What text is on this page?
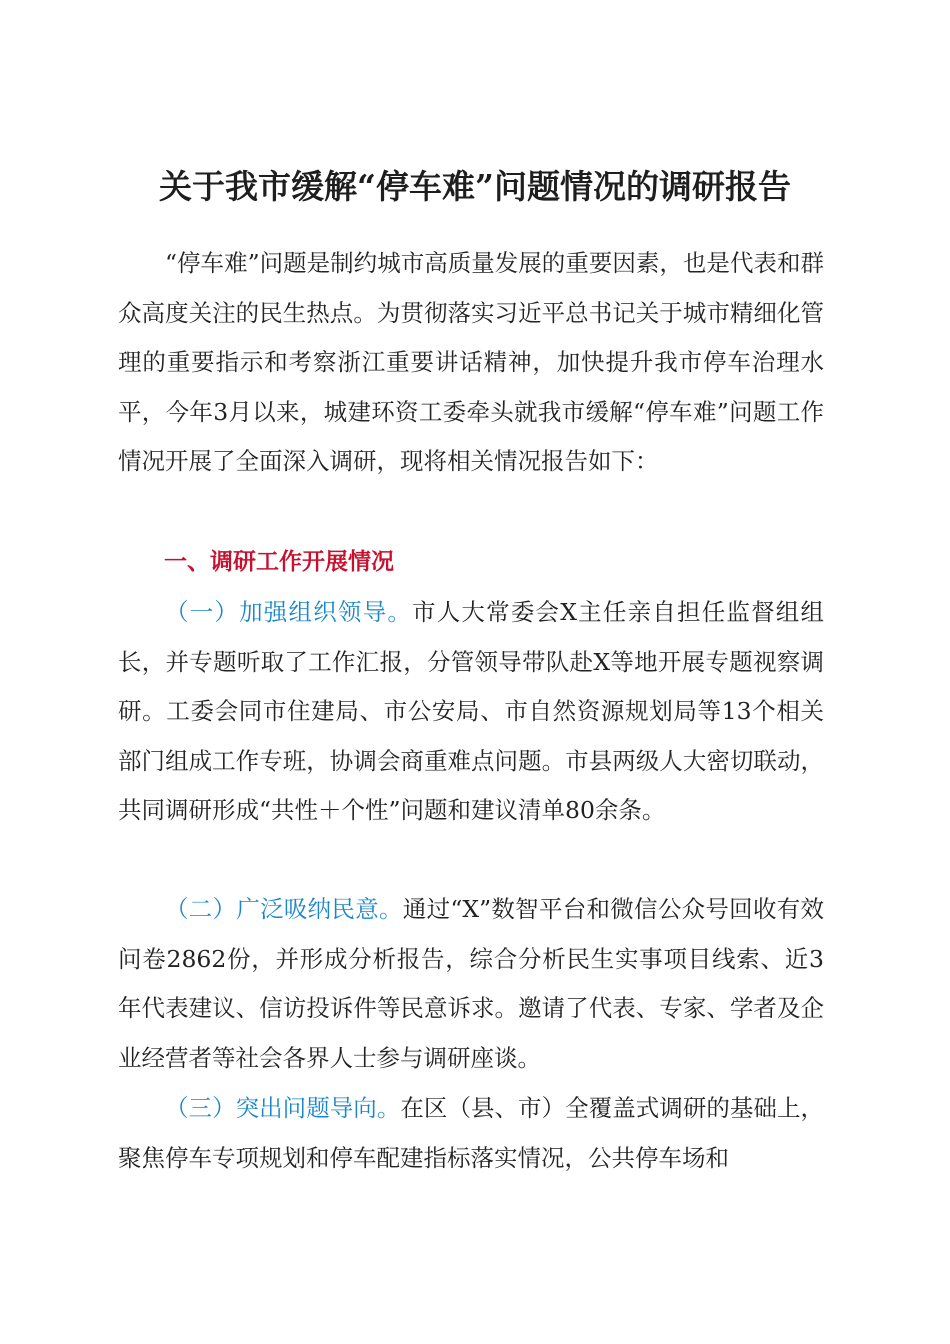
关于我市缓解“停车难”问题情况的调研报告

“停车难”问题是制约城市高质量发展的重要因素，也是代表和群众高度关注的民生热点。为贯彻落实习近平总书记关于城市精细化管理的重要指示和考察浙江重要讲话精神，加快提升我市停车治理水平，今年3月以来，城建环资工委牵头就我市缓解“停车难”问题工作情况开展了全面深入调研，现将相关情况报告如下：

一、调研工作开展情况

（一）加强组织领导。市人大常委会X主任亲自担任监督组组长，并专题听取了工作汇报，分管领导带队赴X等地开展专题视察调研。工委会同市住建局、市公安局、市自然资源规划局等13个相关部门组成工作专班，协调会商重难点问题。市县两级人大密切联动，共同调研形成“共性＋个性”问题和建议清单80余条。

（二）广泛吸纳民意。通过“X”数智平台和微信公众号回收有效问卷2862份，并形成分析报告，综合分析民生实事项目线索、近3年代表建议、信访投诉件等民意诉求。邀请了代表、专家、学者及企业经营者等社会各界人士参与调研座谈。

（三）突出问题导向。在区（县、市）全覆盖式调研的基础上，聚焦停车专项规划和停车配建指标落实情况，公共停车场和
